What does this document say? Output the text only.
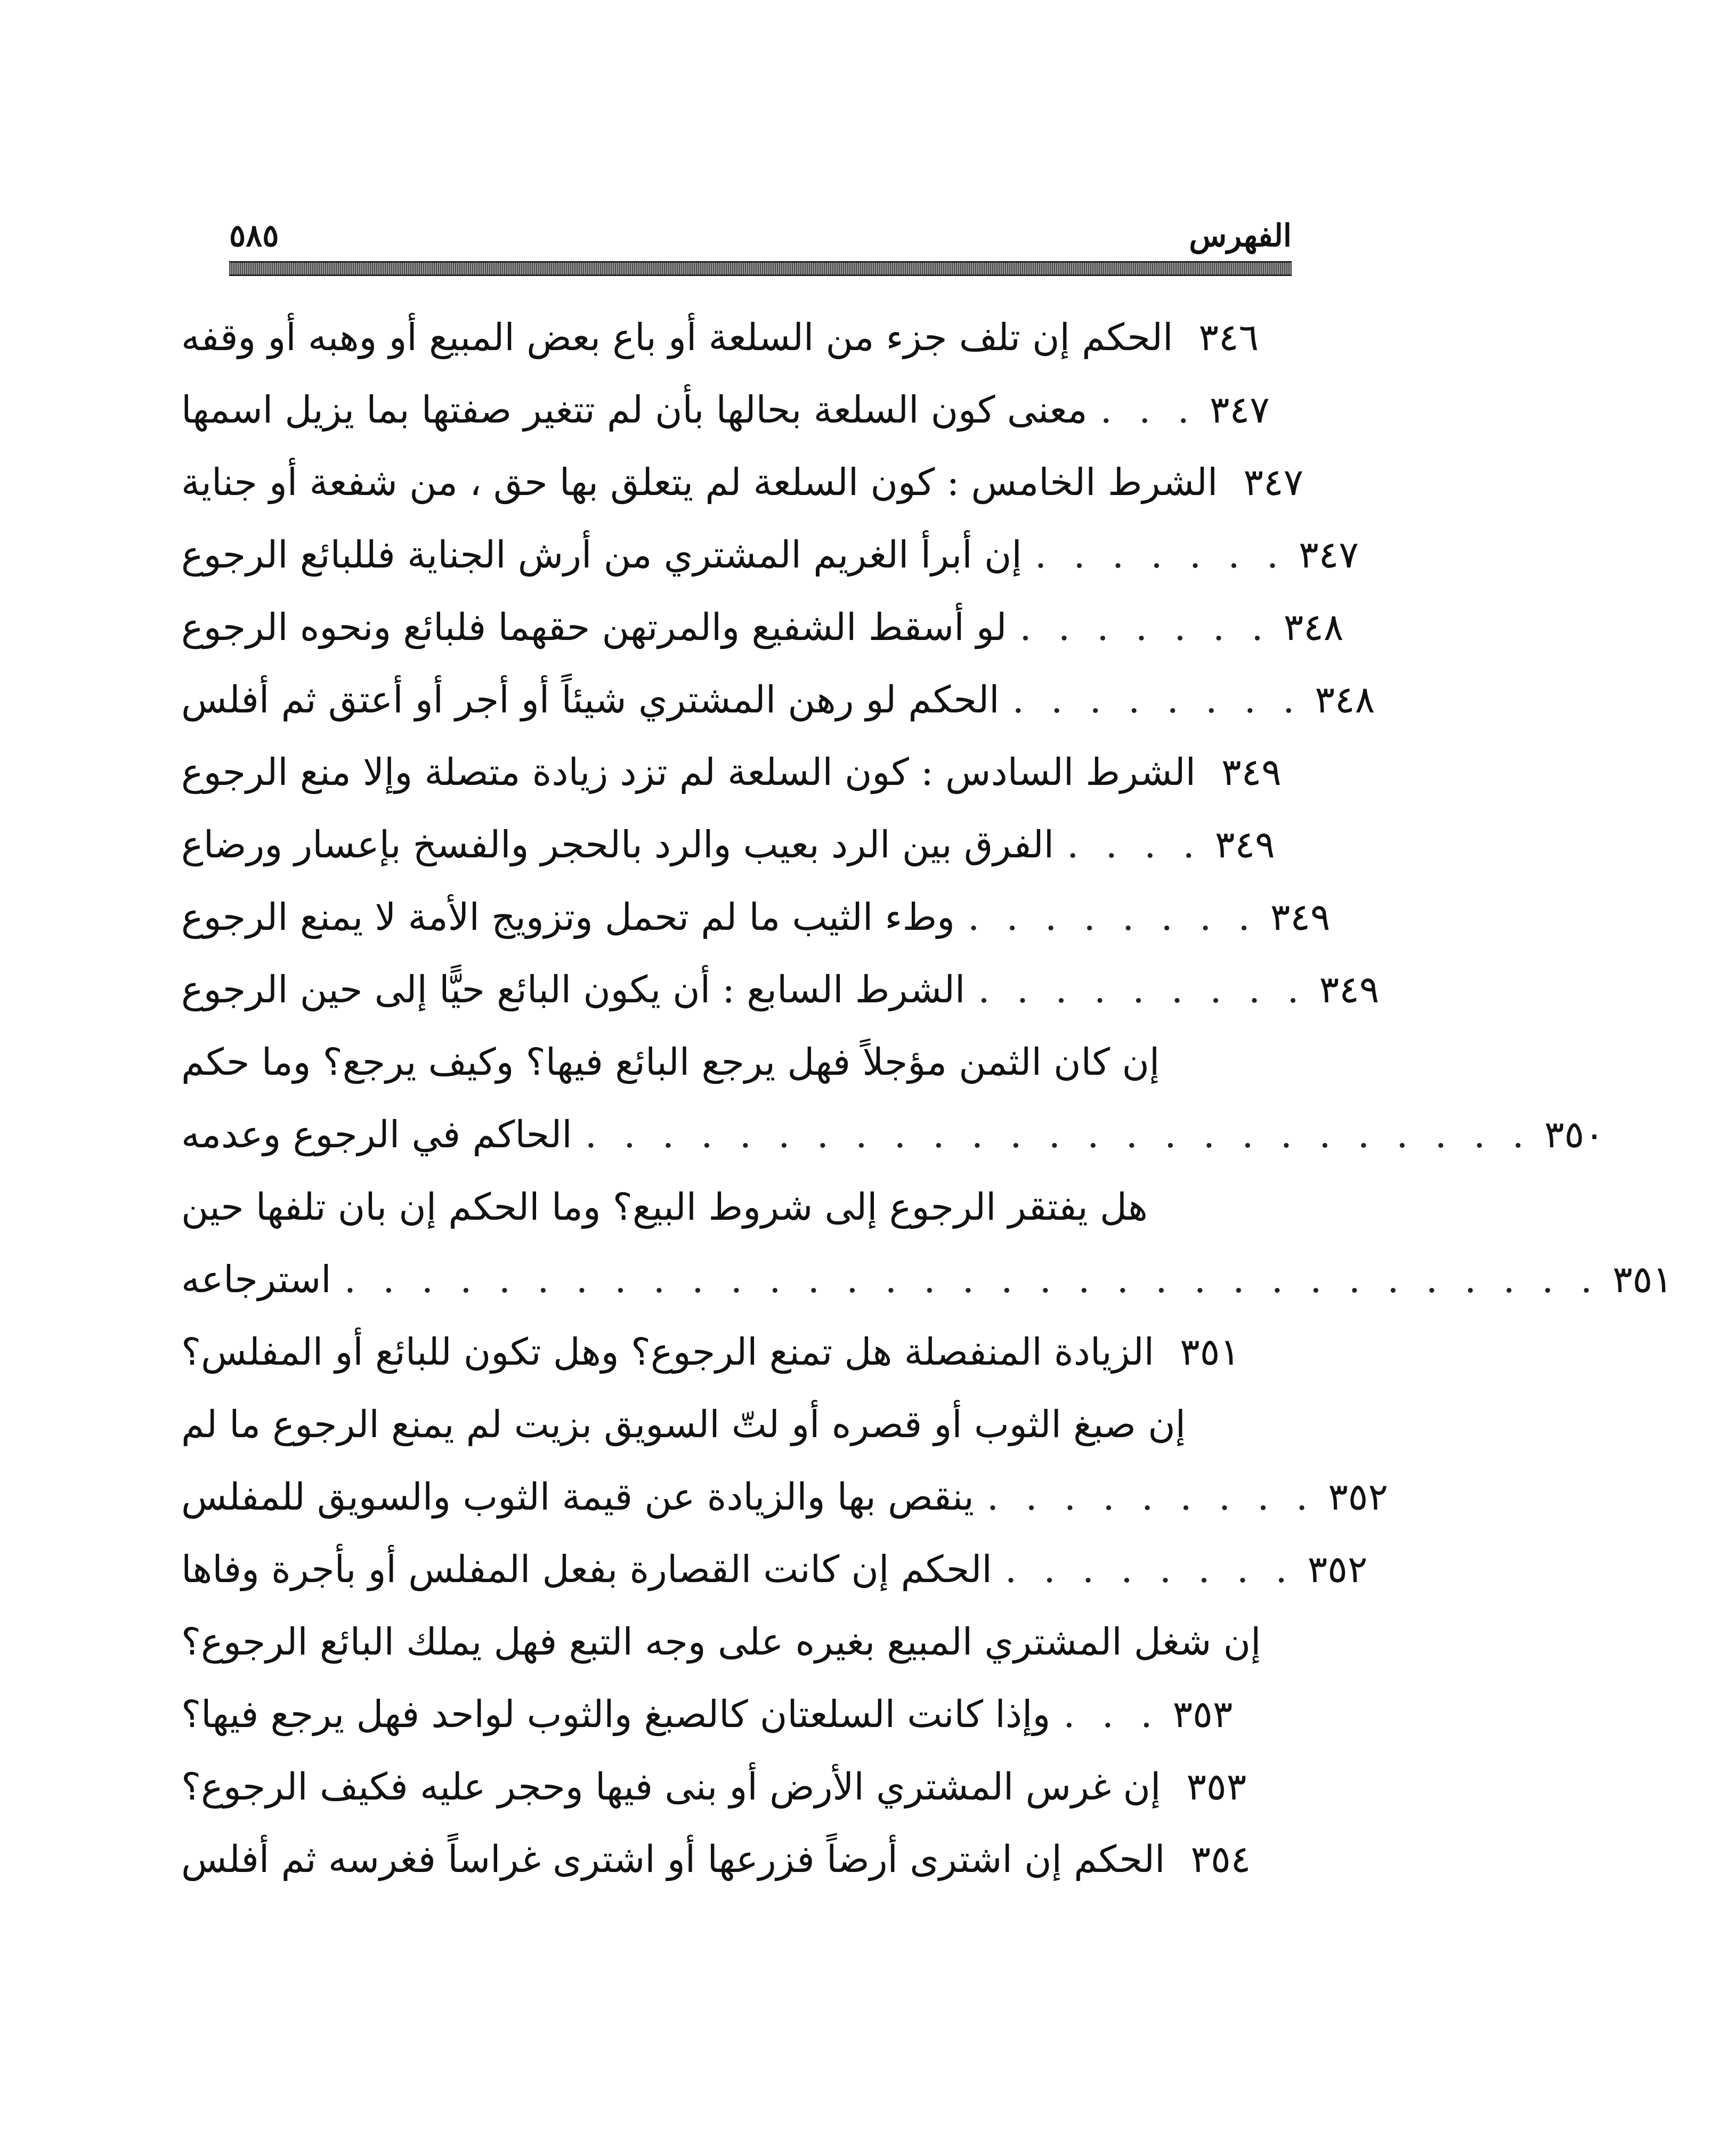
الفهرس
٥٨٥
الحكم إن تلف جزء من السلعة أو باع بعض المبيع أو وهبه أو وقفه ٣٤٦
معنى كون السلعة بحالها بأن لم تتغير صفتها بما يزيل اسمها . . . ٣٤٧
الشرط الخامس : كون السلعة لم يتعلق بها حق ، من شفعة أو جناية ٣٤٧
إن أبرأ الغريم المشتري من أرش الجناية فللبائع الرجوع . . . . . . . ٣٤٧
لو أسقط الشفيع والمرتهن حقهما فلبائع ونحوه الرجوع . . . . . . . ٣٤٨
الحكم لو رهن المشتري شيئاً أو أجر أو أعتق ثم أفلس . . . . . . . . ٣٤٨
الشرط السادس : كون السلعة لم تزد زيادة متصلة وإلا منع الرجوع ٣٤٩
الفرق بين الرد بعيب والرد بالحجر والفسخ بإعسار ورضاع . . . . ٣٤٩
وطء الثيب ما لم تحمل وتزويج الأمة لا يمنع الرجوع . . . . . . . . ٣٤٩
الشرط السابع : أن يكون البائع حيًّا إلى حين الرجوع . . . . . . . . . ٣٤٩
إن كان الثمن مؤجلاً فهل يرجع البائع فيها؟ وكيف يرجع؟ وما حكم
الحاكم في الرجوع وعدمه . . . . . . . . . . . . . . . . . . . . . . . . . ٣٥٠
هل يفتقر الرجوع إلى شروط البيع؟ وما الحكم إن بان تلفها حين
استرجاعه . . . . . . . . . . . . . . . . . . . . . . . . . . . . . . . . . ٣٥١
الزيادة المنفصلة هل تمنع الرجوع؟ وهل تكون للبائع أو المفلس؟ ٣٥١
إن صبغ الثوب أو قصره أو لتّ السويق بزيت لم يمنع الرجوع ما لم
ينقص بها والزيادة عن قيمة الثوب والسويق للمفلس . . . . . . . . . ٣٥٢
الحكم إن كانت القصارة بفعل المفلس أو بأجرة وفاها . . . . . . . . ٣٥٢
إن شغل المشتري المبيع بغيره على وجه التبع فهل يملك البائع الرجوع؟
وإذا كانت السلعتان كالصبغ والثوب لواحد فهل يرجع فيها؟ . . . ٣٥٣
إن غرس المشتري الأرض أو بنى فيها وحجر عليه فكيف الرجوع؟ ٣٥٣
الحكم إن اشترى أرضاً فزرعها أو اشترى غراساً فغرسه ثم أفلس ٣٥٤
